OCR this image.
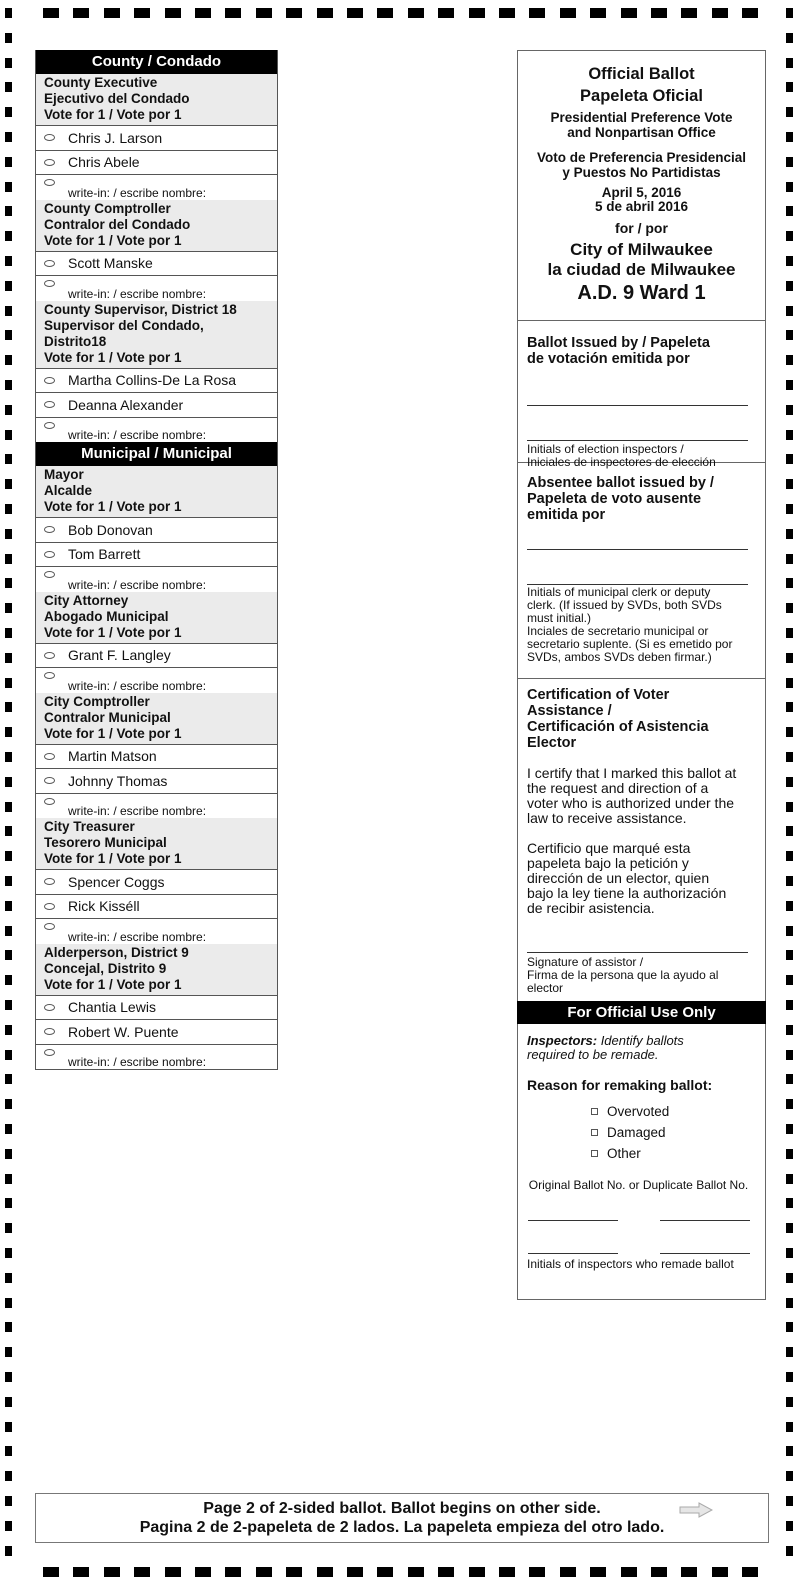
County / Condado
County Executive
Ejecutivo del Condado
Vote for 1 / Vote por 1
Chris J. Larson
Chris Abele
write-in: / escribe nombre:
County Comptroller
Contralor del Condado
Vote for 1 / Vote por 1
Scott Manske
write-in: / escribe nombre:
County Supervisor, District 18
Supervisor del Condado,
Distrito18
Vote for 1 / Vote por 1
Martha Collins-De La Rosa
Deanna Alexander
write-in: / escribe nombre:
Municipal / Municipal
Mayor
Alcalde
Vote for 1 / Vote por 1
Bob Donovan
Tom Barrett
write-in: / escribe nombre:
City Attorney
Abogado Municipal
Vote for 1 / Vote por 1
Grant F. Langley
write-in: / escribe nombre:
City Comptroller
Contralor Municipal
Vote for 1 / Vote por 1
Martin Matson
Johnny Thomas
write-in: / escribe nombre:
City Treasurer
Tesorero Municipal
Vote for 1 / Vote por 1
Spencer Coggs
Rick Kisséll
write-in: / escribe nombre:
Alderperson, District 9
Concejal, Distrito 9
Vote for 1 / Vote por 1
Chantia Lewis
Robert W. Puente
write-in: / escribe nombre:
Official Ballot
Papeleta Oficial
Presidential Preference Vote
and Nonpartisan Office
Voto de Preferencia Presidencial
y Puestos No Partidistas
April 5, 2016
5 de abril 2016
for / por
City of Milwaukee
la ciudad de Milwaukee
A.D. 9 Ward 1
Ballot Issued by / Papeleta
de votación emitida por
Initials of election inspectors /
Iniciales de inspectores de elección
Absentee ballot issued by /
Papeleta de voto ausente
emitida por
Initials of municipal clerk or deputy
clerk. (If issued by SVDs, both SVDs
must initial.)
Inciales de secretario municipal or
secretario suplente. (Si es emetido por
SVDs, ambos SVDs deben firmar.)
Certification of Voter
Assistance /
Certificación of Asistencia
Elector
I certify that I marked this ballot at
the request and direction of a
voter who is authorized under the
law to receive assistance.
Certificio que marqué esta
papeleta bajo la petición y
dirección de un elector, quien
bajo la ley tiene la authorización
de recibir asistencia.
Signature of assistor /
Firma de la persona que la ayudo al
elector
For Official Use Only
Inspectors: Identify ballots
required to be remade.
Reason for remaking ballot:
Overvoted
Damaged
Other
Original Ballot No. or Duplicate Ballot No.
Initials of inspectors who remade ballot
Page 2 of 2-sided ballot. Ballot begins on other side.
Pagina 2 de 2-papeleta de 2 lados. La papeleta empieza del otro lado.
